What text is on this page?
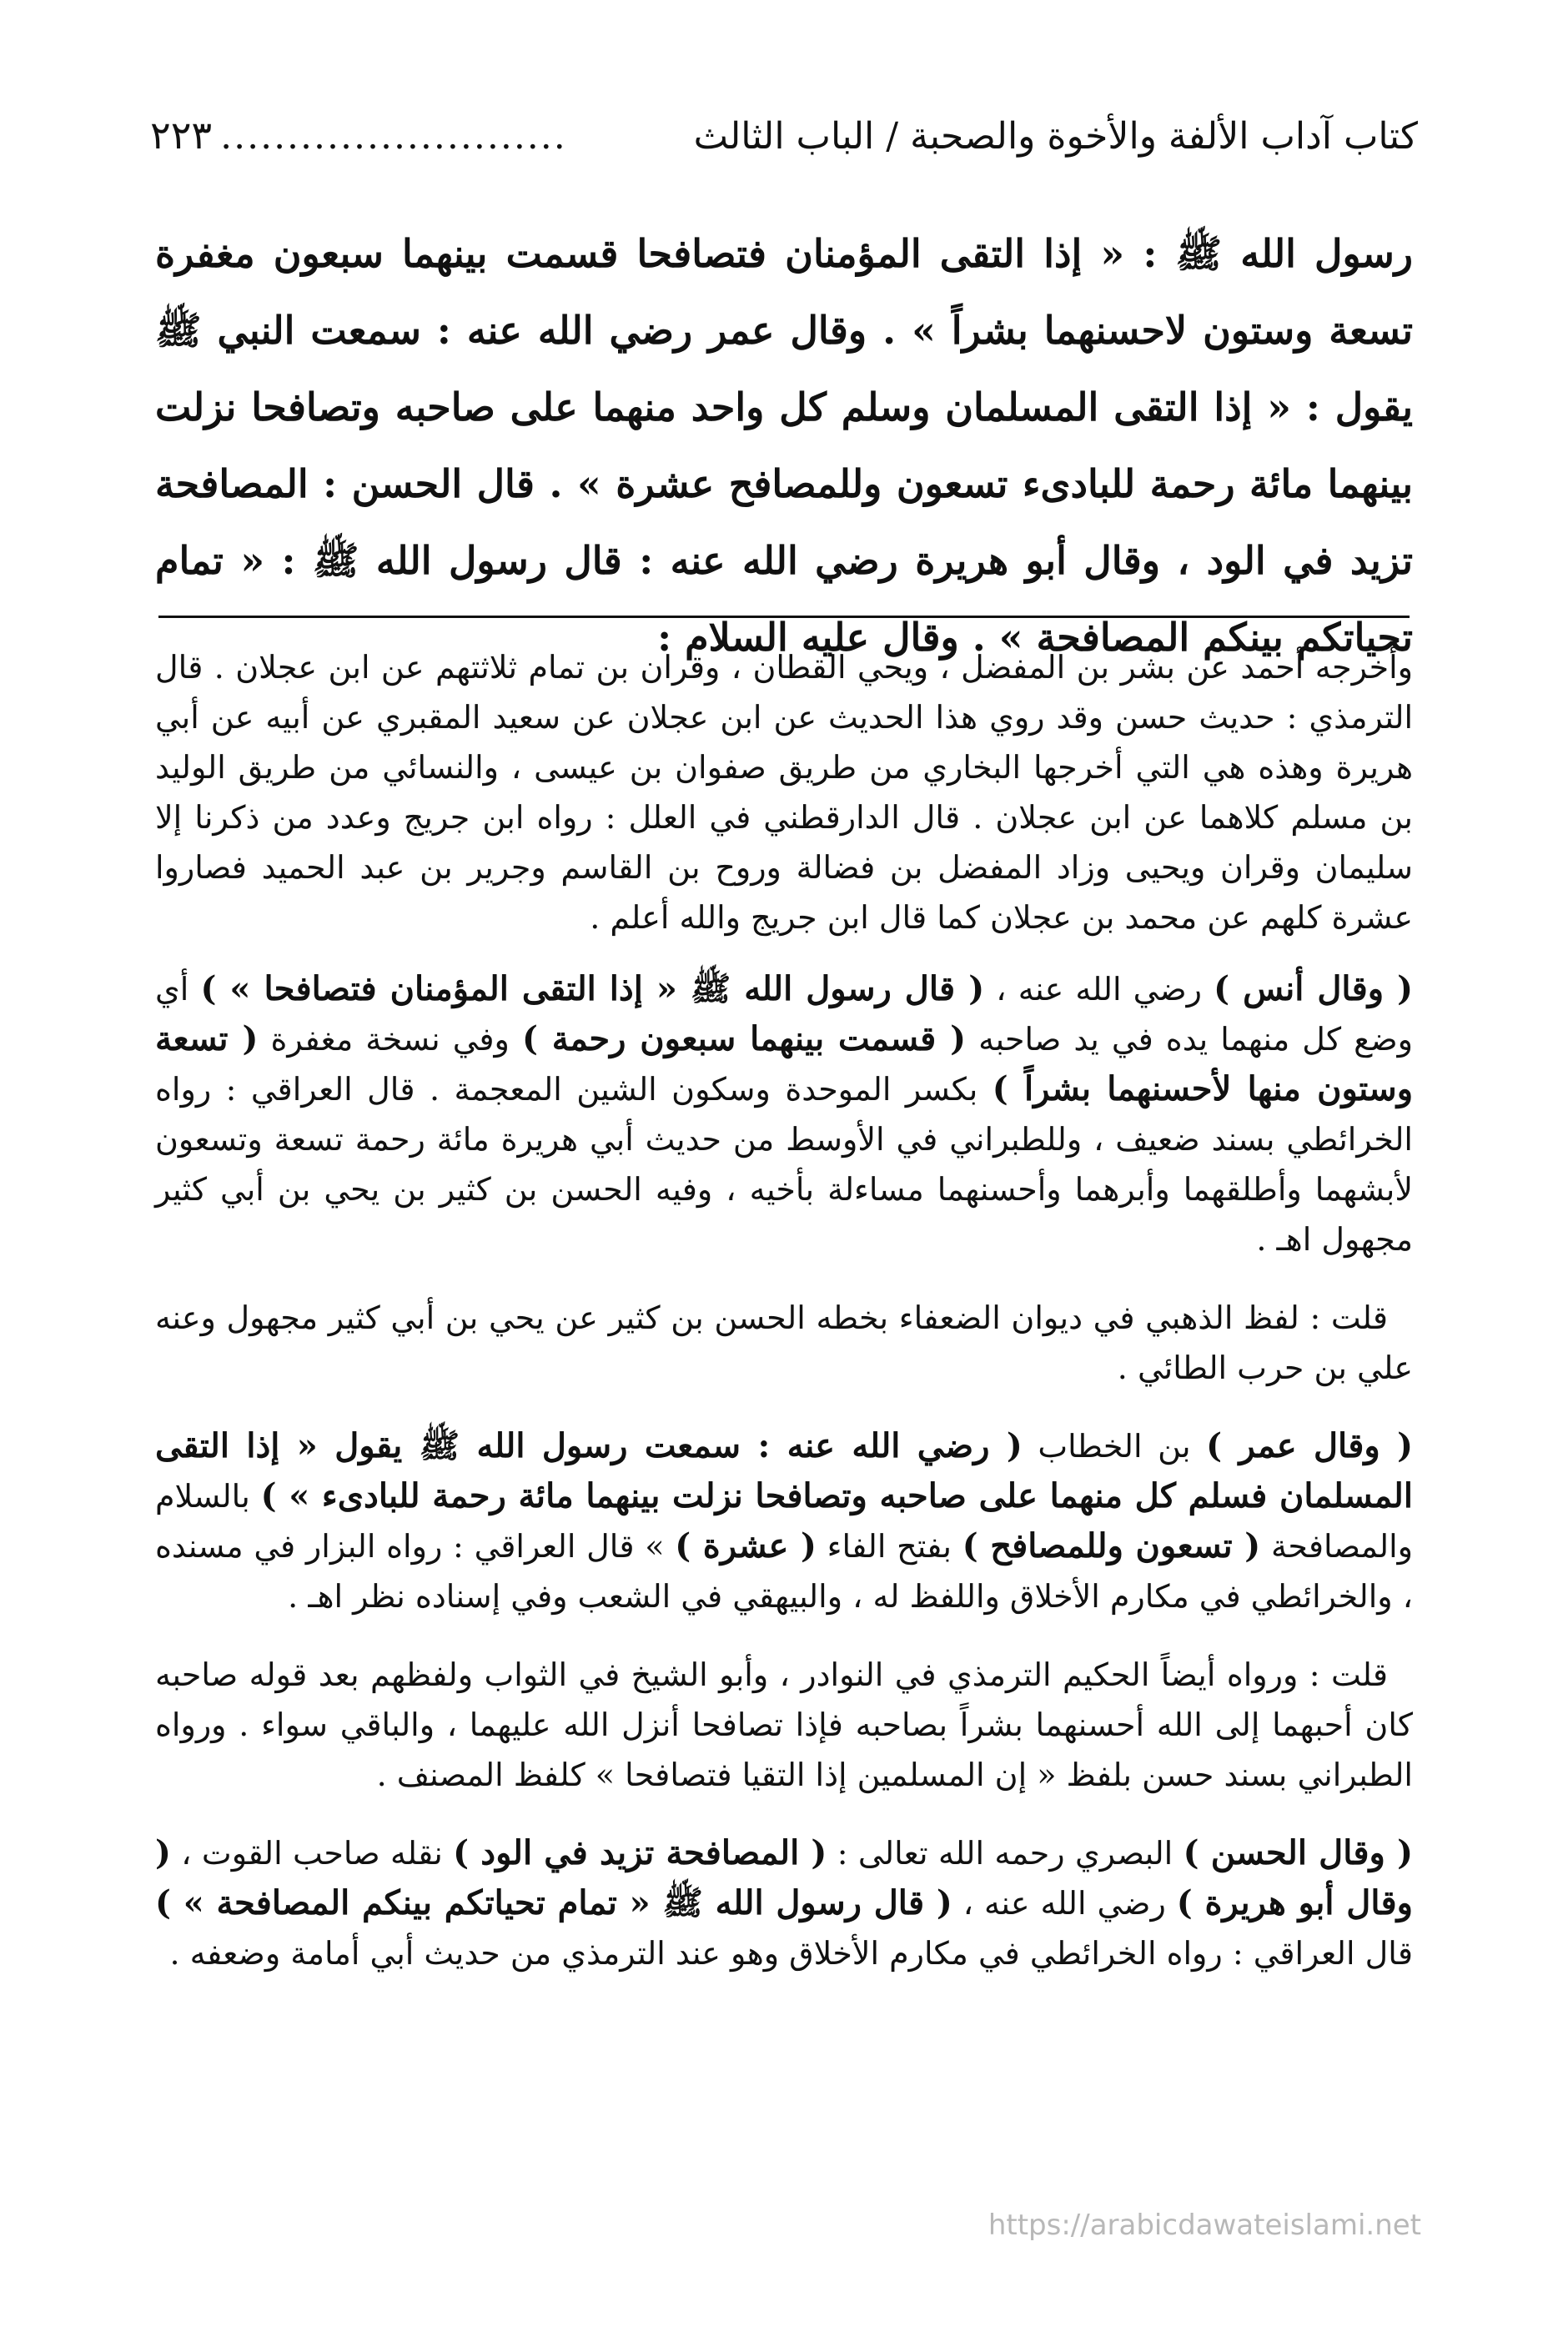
كتاب آداب الألفة والأخوة والصحبة
/
الباب الثالث
..........................
٢٢٣
رسول الله ﷺ : « إذا التقى المؤمنان فتصافحا قسمت بينهما سبعون مغفرة تسعة وستون لاحسنهما بشراً » . وقال عمر رضي الله عنه : سمعت النبي ﷺ يقول : « إذا التقى المسلمان وسلم كل واحد منهما على صاحبه وتصافحا نزلت بينهما مائة رحمة للبادىء تسعون وللمصافح عشرة » . قال الحسن : المصافحة تزيد في الود ، وقال أبو هريرة رضي الله عنه : قال رسول الله ﷺ : « تمام تحياتكم بينكم المصافحة » . وقال عليه السلام :

وأخرجه أحمد عن بشر بن المفضل ، ويحي القطان ، وقران بن تمام ثلاثتهم عن ابن عجلان . قال الترمذي : حديث حسن وقد روي هذا الحديث عن ابن عجلان عن سعيد المقبري عن أبيه عن أبي هريرة وهذه هي التي أخرجها البخاري من طريق صفوان بن عيسى ، والنسائي من طريق الوليد بن مسلم كلاهما عن ابن عجلان . قال الدارقطني في العلل : رواه ابن جريج وعدد من ذكرنا إلا سليمان وقران ويحيى وزاد المفضل بن فضالة وروح بن القاسم وجرير بن عبد الحميد فصاروا عشرة كلهم عن محمد بن عجلان كما قال ابن جريج والله أعلم .

( وقال أنس ) رضي الله عنه ، ( قال رسول الله ﷺ « إذا التقى المؤمنان فتصافحا » ) أي وضع كل منهما يده في يد صاحبه ( قسمت بينهما سبعون رحمة ) وفي نسخة مغفرة ( تسعة وستون منها لأحسنهما بشراً ) بكسر الموحدة وسكون الشين المعجمة . قال العراقي : رواه الخرائطي بسند ضعيف ، وللطبراني في الأوسط من حديث أبي هريرة مائة رحمة تسعة وتسعون لأبشهما وأطلقهما وأبرهما وأحسنهما مساءلة بأخيه ، وفيه الحسن بن كثير بن يحي بن أبي كثير مجهول اهـ .

قلت : لفظ الذهبي في ديوان الضعفاء بخطه الحسن بن كثير عن يحي بن أبي كثير مجهول وعنه علي بن حرب الطائي .

( وقال عمر ) بن الخطاب ( رضي الله عنه : سمعت رسول الله ﷺ يقول « إذا التقى المسلمان فسلم كل منهما على صاحبه وتصافحا نزلت بينهما مائة رحمة للبادىء » ) بالسلام والمصافحة ( تسعون وللمصافح ) بفتح الفاء ( عشرة ) » قال العراقي : رواه البزار في مسنده ، والخرائطي في مكارم الأخلاق واللفظ له ، والبيهقي في الشعب وفي إسناده نظر اهـ .

قلت : ورواه أيضاً الحكيم الترمذي في النوادر ، وأبو الشيخ في الثواب ولفظهم بعد قوله صاحبه كان أحبهما إلى الله أحسنهما بشراً بصاحبه فإذا تصافحا أنزل الله عليهما ، والباقي سواء . ورواه الطبراني بسند حسن بلفظ « إن المسلمين إذا التقيا فتصافحا » كلفظ المصنف .

( وقال الحسن ) البصري رحمه الله تعالى : ( المصافحة تزيد في الود ) نقله صاحب القوت ، ( وقال أبو هريرة ) رضي الله عنه ، ( قال رسول الله ﷺ « تمام تحياتكم بينكم المصافحة » ) قال العراقي : رواه الخرائطي في مكارم الأخلاق وهو عند الترمذي من حديث أبي أمامة وضعفه .

https://arabicdawateislami.net
